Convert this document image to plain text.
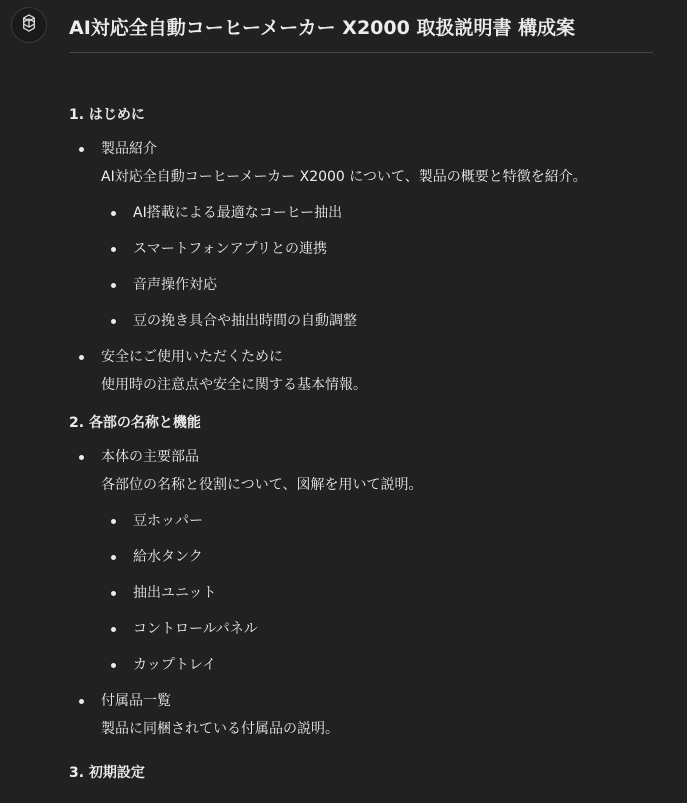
AI対応全自動コーヒーメーカー X2000 取扱説明書 構成案
1. はじめに
製品紹介
AI対応全自動コーヒーメーカー X2000 について、製品の概要と特徴を紹介。
AI搭載による最適なコーヒー抽出
スマートフォンアプリとの連携
音声操作対応
豆の挽き具合や抽出時間の自動調整
安全にご使用いただくために
使用時の注意点や安全に関する基本情報。
2. 各部の名称と機能
本体の主要部品
各部位の名称と役割について、図解を用いて説明。
豆ホッパー
給水タンク
抽出ユニット
コントロールパネル
カップトレイ
付属品一覧
製品に同梱されている付属品の説明。
3. 初期設定
